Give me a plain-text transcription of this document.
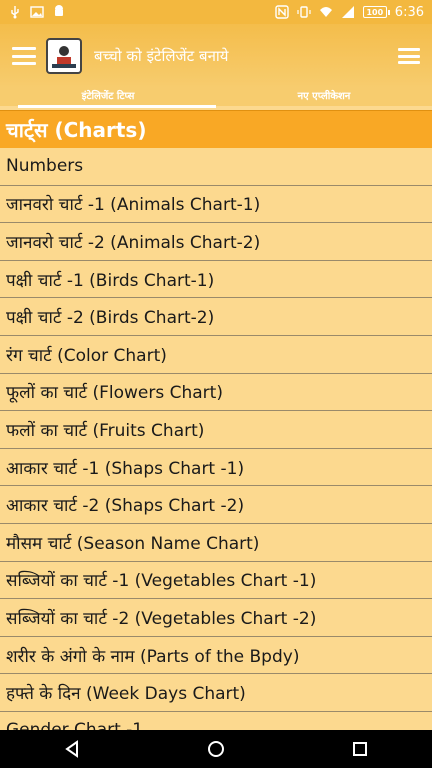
100 6:36
बच्चो को इंटेलिजेंट बनाये
इंटेलिजेंट टिप्स	नए एप्लीकेशन
चार्ट्स (Charts)
Numbers
जानवरो चार्ट -1 (Animals Chart-1)
जानवरो चार्ट -2 (Animals Chart-2)
पक्षी चार्ट -1 (Birds Chart-1)
पक्षी चार्ट -2 (Birds Chart-2)
रंग चार्ट (Color Chart)
फूलों का चार्ट (Flowers Chart)
फलों का चार्ट (Fruits Chart)
आकार चार्ट -1 (Shaps Chart -1)
आकार चार्ट -2 (Shaps Chart -2)
मौसम चार्ट (Season Name Chart)
सब्जियों का चार्ट -1 (Vegetables Chart -1)
सब्जियों का चार्ट -2 (Vegetables Chart -2)
शरीर के अंगो के नाम (Parts of the Bpdy)
हफ्ते के दिन (Week Days Chart)
